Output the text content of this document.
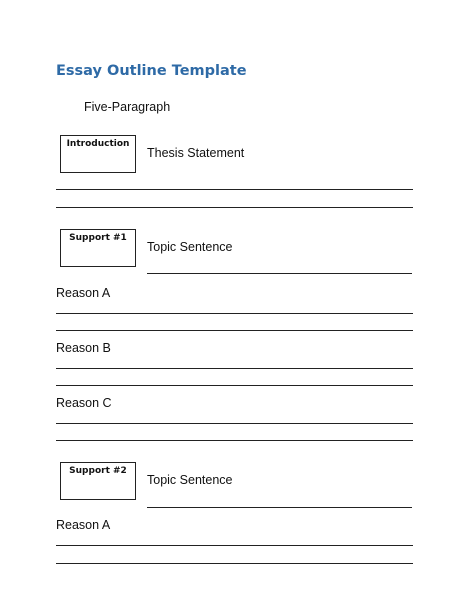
Essay Outline Template
Five-Paragraph
Introduction
Thesis Statement
Support #1
Topic Sentence
Reason A
Reason B
Reason C
Support #2
Topic Sentence
Reason A
